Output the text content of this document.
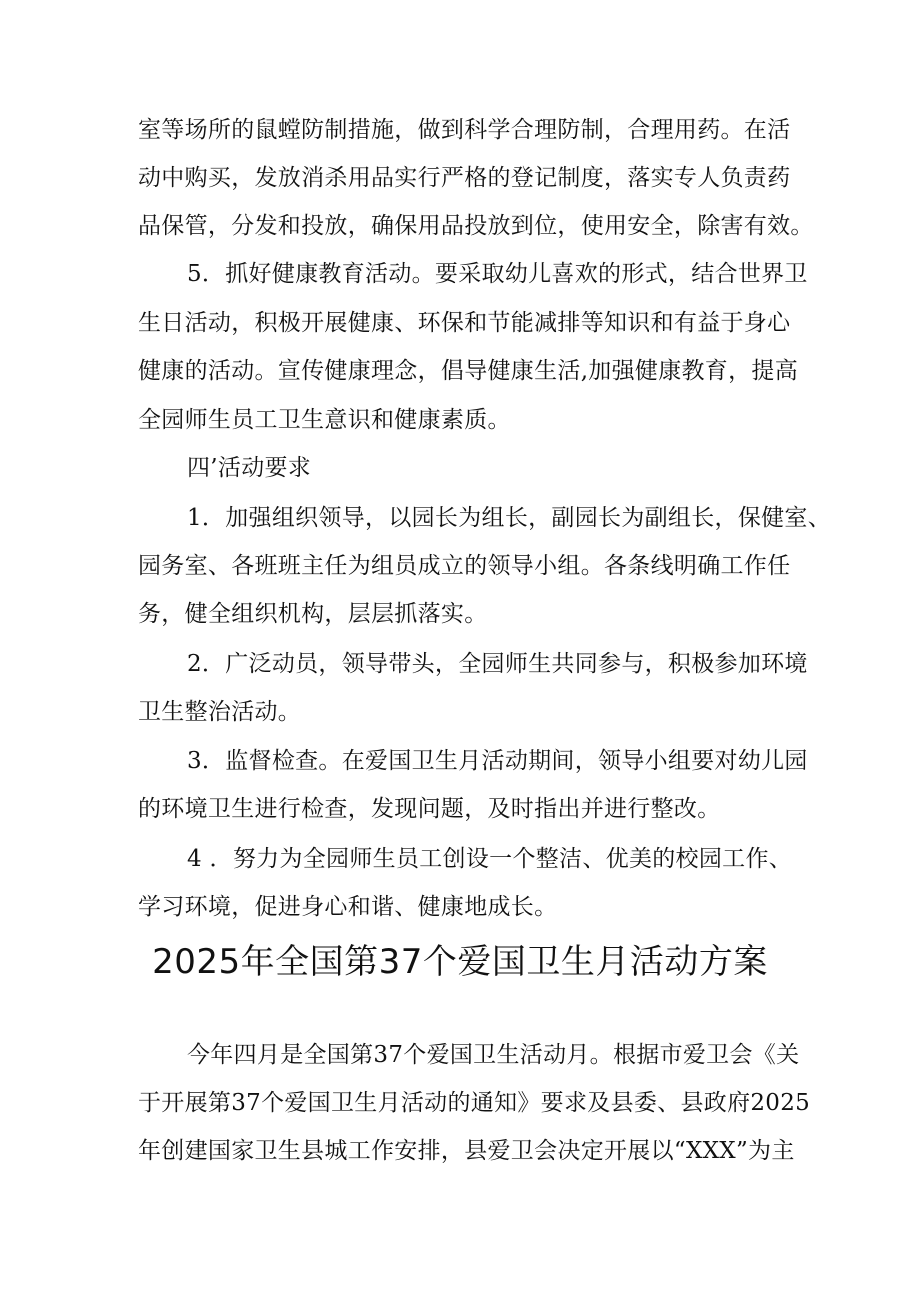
室等场所的鼠螳防制措施，做到科学合理防制，合理用药。在活
动中购买，发放消杀用品实行严格的登记制度，落实专人负责药
品保管，分发和投放，确保用品投放到位，使用安全，除害有效。
5．抓好健康教育活动。要采取幼儿喜欢的形式，结合世界卫
生日活动，积极开展健康、环保和节能减排等知识和有益于身心
健康的活动。宣传健康理念，倡导健康生活,加强健康教育，提高
全园师生员工卫生意识和健康素质。
四’活动要求
1．加强组织领导，以园长为组长，副园长为副组长，保健室、
园务室、各班班主任为组员成立的领导小组。各条线明确工作任
务，健全组织机构，层层抓落实。
2．广泛动员，领导带头，全园师生共同参与，积极参加环境
卫生整治活动。
3．监督检查。在爱国卫生月活动期间，领导小组要对幼儿园
的环境卫生进行检查，发现问题，及时指出并进行整改。
4 ．努力为全园师生员工创设一个整洁、优美的校园工作、
学习环境，促进身心和谐、健康地成长。
2025年全国第37个爱国卫生月活动方案
今年四月是全国第37个爱国卫生活动月。根据市爱卫会《关
于开展第37个爱国卫生月活动的通知》要求及县委、县政府2025
年创建国家卫生县城工作安排，县爱卫会决定开展以“XXX”为主
